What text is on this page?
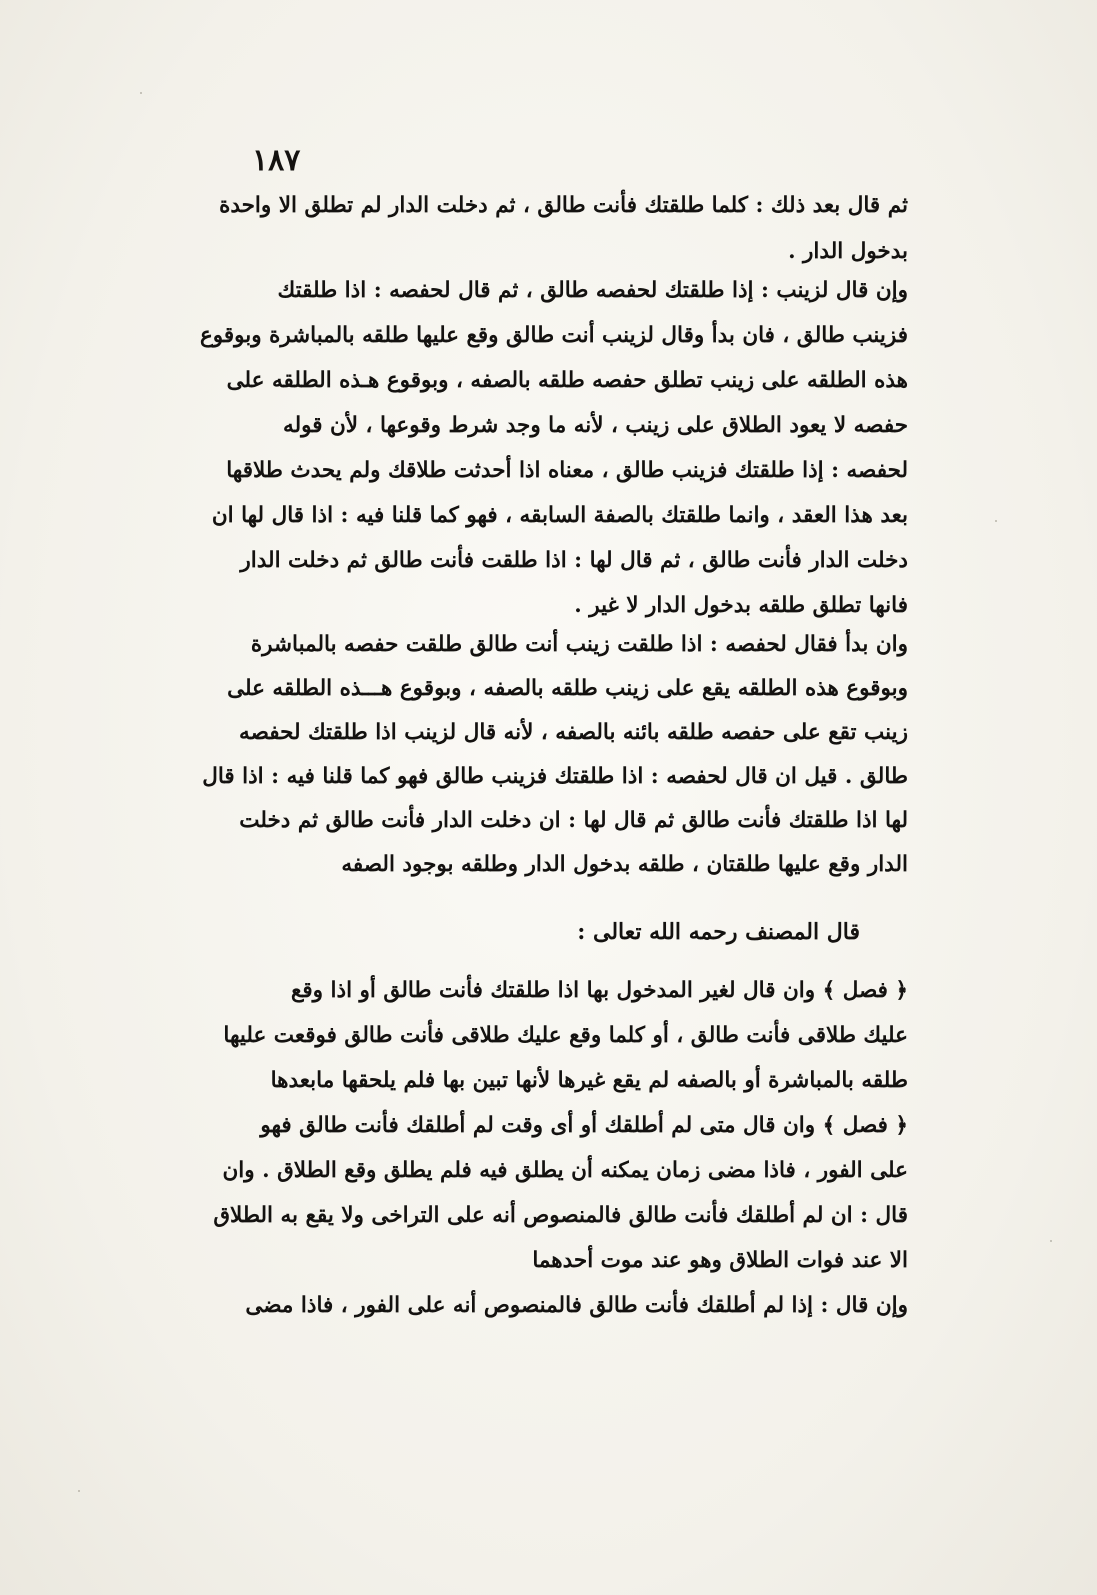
١٨٧
ثم قال بعد ذلك : كلما طلقتك فأنت طالق ، ثم دخلت الدار لم تطلق الا واحدة
بدخول الدار .
وإن قال لزينب : إذا طلقتك لحفصه طالق ، ثم قال لحفصه : اذا طلقتك
فزينب طالق ، فان بدأ وقال لزينب أنت طالق وقع عليها طلقه بالمباشرة وبوقوع
هذه الطلقه على زينب تطلق حفصه طلقه بالصفه ، وبوقوع هـذه الطلقه على
حفصه لا يعود الطلاق على زينب ، لأنه ما وجد شرط وقوعها ، لأن قوله
لحفصه : إذا طلقتك فزينب طالق ، معناه اذا أحدثت طلاقك ولم يحدث طلاقها
بعد هذا العقد ، وانما طلقتك بالصفة السابقه ، فهو كما قلنا فيه : اذا قال لها ان
دخلت الدار فأنت طالق ، ثم قال لها : اذا طلقت فأنت طالق ثم دخلت الدار
فانها تطلق طلقه بدخول الدار لا غير .
وان بدأ فقال لحفصه : اذا طلقت زينب أنت طالق طلقت حفصه بالمباشرة
وبوقوع هذه الطلقه يقع على زينب طلقه بالصفه ، وبوقوع هـــذه الطلقه على
زينب تقع على حفصه طلقه بائنه بالصفه ، لأنه قال لزينب اذا طلقتك لحفصه
طالق . قيل ان قال لحفصه : اذا طلقتك فزينب طالق فهو كما قلنا فيه : اذا قال
لها اذا طلقتك فأنت طالق ثم قال لها : ان دخلت الدار فأنت طالق ثم دخلت
الدار وقع عليها طلقتان ، طلقه بدخول الدار وطلقه بوجود الصفه
قال المصنف رحمه الله تعالى :
﴿ فصل ﴾ وان قال لغير المدخول بها اذا طلقتك فأنت طالق أو اذا وقع
عليك طلاقى فأنت طالق ، أو كلما وقع عليك طلاقى فأنت طالق فوقعت عليها
طلقه بالمباشرة أو بالصفه لم يقع غيرها لأنها تبين بها فلم يلحقها مابعدها
﴿ فصل ﴾ وان قال متى لم أطلقك أو أى وقت لم أطلقك فأنت طالق فهو
على الفور ، فاذا مضى زمان يمكنه أن يطلق فيه فلم يطلق وقع الطلاق . وان
قال : ان لم أطلقك فأنت طالق فالمنصوص أنه على التراخى ولا يقع به الطلاق
الا عند فوات الطلاق وهو عند موت أحدهما
وإن قال : إذا لم أطلقك فأنت طالق فالمنصوص أنه على الفور ، فاذا مضى
